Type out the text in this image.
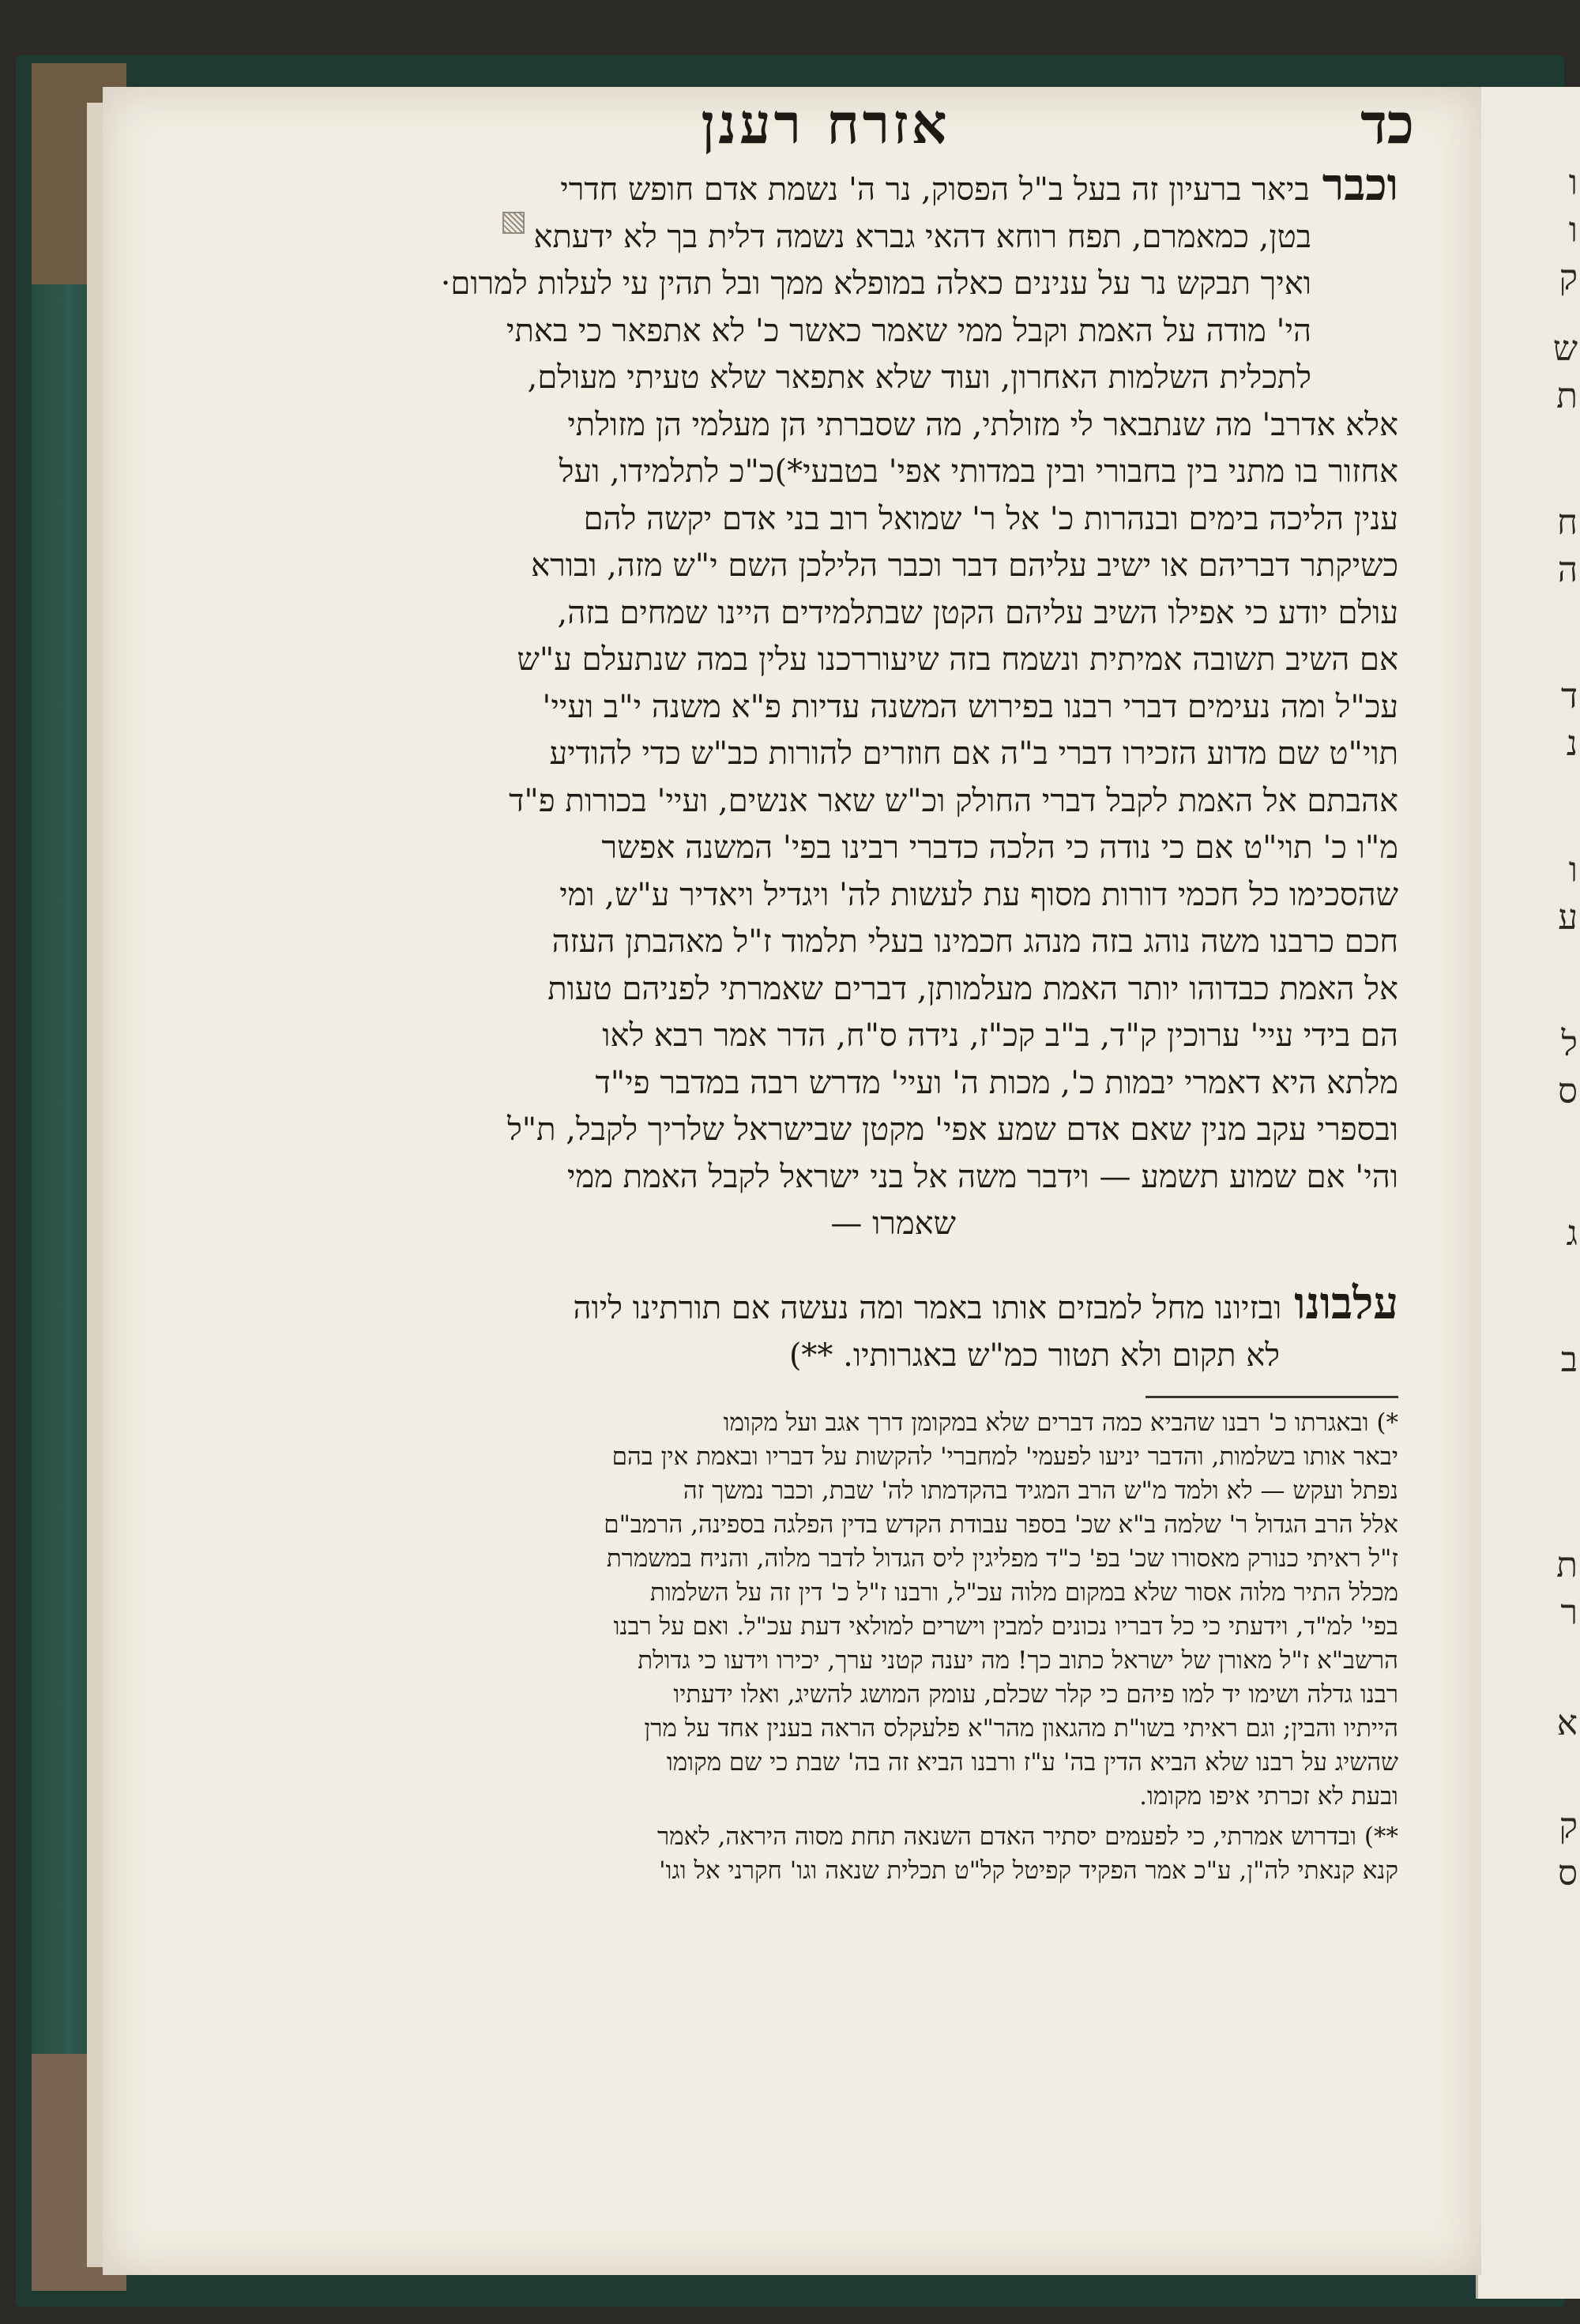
ו
ו
ק
ש
ת
ח
ה
ד
נ
ו
ע
ל
ס
ג
ב
ת
ר
א
ק
ס
כד
אזרח רענן
וכברביאר ברעיון זה בעל ב"ל הפסוק, נר ה' נשמת אדם חופש חדרי
בטן, כמאמרם, תפח רוחא דהאי גברא נשמה דלית בך לא ידעתא
ואיך תבקש נר על ענינים כאלה במופלא ממך ובל תהין עי לעלות למרום·
הי' מודה על האמת וקבל ממי שאמר כאשר כ' לא אתפאר כי באתי
לתכלית השלמות האחרון, ועוד שלא אתפאר שלא טעיתי מעולם,
אלא אדרב' מה שנתבאר לי מזולתי, מה שסברתי הן מעלמי הן מזולתי
אחזור בו מתני בין בחבורי ובין במדותי אפי' בטבעי*)כ"כ לתלמידו, ועל
ענין הליכה בימים ובנהרות כ' אל ר' שמואל רוב בני אדם יקשה להם
כשיקתר דבריהם או ישיב עליהם דבר וכבר הלילכן השם י"ש מזה, ובורא
עולם יודע כי אפילו השיב עליהם הקטן שבתלמידים היינו שמחים בזה,
אם השיב תשובה אמיתית ונשמח בזה שיעוררכנו עלין במה שנתעלם ע"ש
עכ"ל ומה נעימים דברי רבנו בפירוש המשנה עדיות פ"א משנה י"ב ועיי'
תוי"ט שם מדוע הזכירו דברי ב"ה אם חוזרים להורות כב"ש כדי להודיע
אהבתם אל האמת לקבל דברי החולק וכ"ש שאר אנשים, ועיי' בכורות פ"ד
מ"ו כ' תוי"ט אם כי נודה כי הלכה כדברי רבינו בפי' המשנה אפשר
שהסכימו כל חכמי דורות מסוף עת לעשות לה' ויגדיל ויאדיר ע"ש, ומי
חכם כרבנו משה נוהג בזה מנהג חכמינו בעלי תלמוד ז"ל מאהבתן העזה
אל האמת כבדוהו יותר האמת מעלמותן, דברים שאמרתי לפניהם טעות
הם בידי עיי' ערוכין ק"ד, ב"ב קכ"ז, נידה ס"ח, הדר אמר רבא לאו
מלתא היא דאמרי יבמות כ', מכות ה' ועיי' מדרש רבה במדבר פי"ד
ובספרי עקב מנין שאם אדם שמע אפי' מקטן שבישראל שלריך לקבל, ת"ל
והי' אם שמוע תשמע — וידבר משה אל בני ישראל לקבל האמת ממי
שאמרו —
עלבונוובזיונו מחל למבזים אותו באמר ומה נעשה אם תורתינו ליוה
לא תקום ולא תטור כמ"ש באגרותיו. **)
*) ובאגרתו כ' רבנו שהביא כמה דברים שלא במקומן דרך אגב ועל מקומו
יבאר אותו בשלמות, והדבר יניעו לפעמי' למחברי' להקשות על דבריו ובאמת אין בהם
נפתל ועקש — לא ולמד מ"ש הרב המגיד בהקדמתו לה' שבת, וכבר נמשך זה
אלל הרב הגדול ר' שלמה ב"א שכ' בספר עבודת הקדש בדין הפלגה בספינה, הרמב"ם
ז"ל ראיתי כנורק מאסורו שכ' בפ' כ"ד מפליגין ליס הגדול לדבר מלוה, והניח במשמרת
מכלל התיר מלוה אסור שלא במקום מלוה עכ"ל, ורבנו ז"ל כ' דין זה על השלמות
בפי' למ"ד, וידעתי כי כל דבריו נכונים למבין וישרים למולאי דעת עכ"ל. ואם על רבנו
הרשב"א ז"ל מאורן של ישראל כתוב כך! מה יענה קטני ערך, יכירו וידעו כי גדולת
רבנו גדלה ושימו יד למו פיהם כי קלר שכלם, עומק המושג להשיג, ואלו ידעתיו
הייתיו והבין; וגם ראיתי בשו"ת מהגאון מהר"א פלעקלס הראה בענין אחד על מרן
שהשיג על רבנו שלא הביא הדין בה' ע"ז ורבנו הביא זה בה' שבת כי שם מקומו
ובעת לא זכרתי איפו מקומו.
**) ובדרוש אמרתי, כי לפעמים יסתיר האדם השנאה תחת מסוה היראה, לאמר
קנא קנאתי לה"ן, ע"כ אמר הפקיד קפיטל קל"ט תכלית שנאה וגו' חקרני אל וגו'
